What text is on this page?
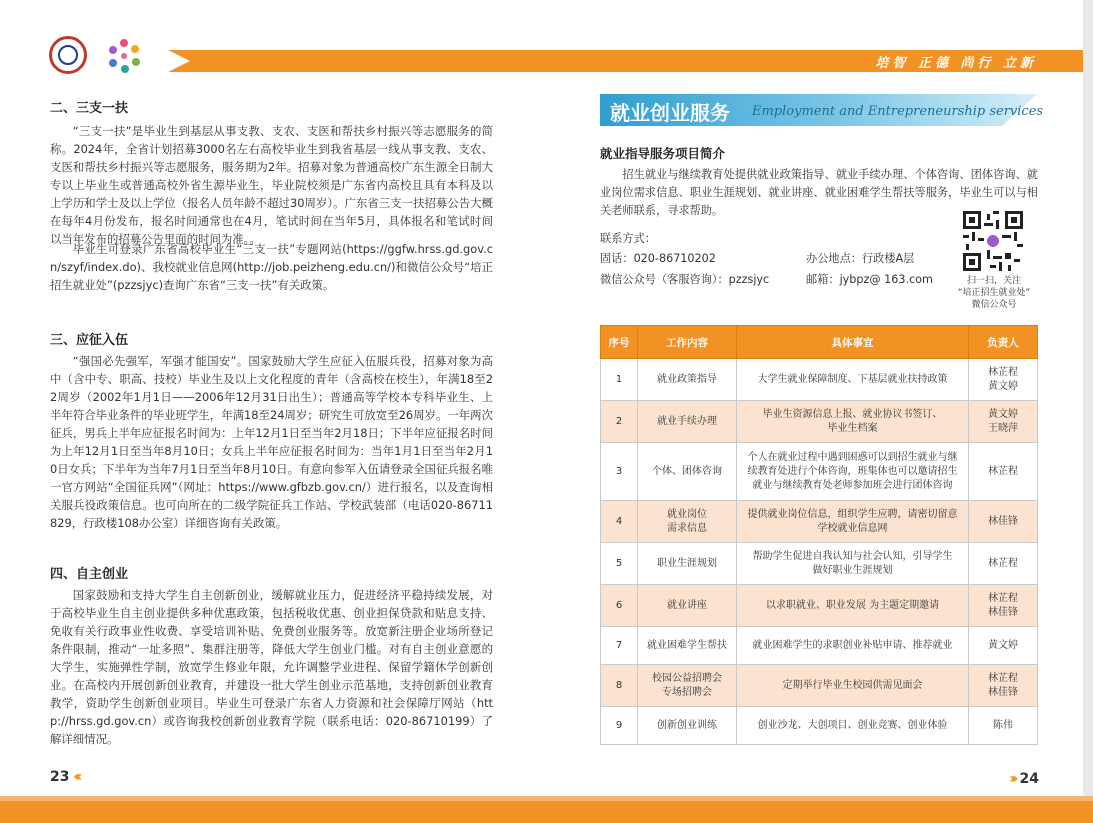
培智 正德 尚行 立新
二、三支一扶
“三支一扶”是毕业生到基层从事支教、支农、支医和帮扶乡村振兴等志愿服务的简称。2024年，全省计划招募3000名左右高校毕业生到我省基层一线从事支教、支农、支医和帮扶乡村振兴等志愿服务，服务期为2年。招募对象为普通高校广东生源全日制大专以上毕业生或普通高校外省生源毕业生，毕业院校须是广东省内高校且具有本科及以上学历和学士及以上学位（报名人员年龄不超过30周岁）。广东省三支一扶招募公告大概在每年4月份发布，报名时间通常也在4月，笔试时间在当年5月，具体报名和笔试时间以当年发布的招募公告里面的时间为准。。
毕业生可登录广东省高校毕业生“三支一扶”专题网站(https://ggfw.hrss.gd.gov.cn/szyf/index.do)、我校就业信息网(http://job.peizheng.edu.cn/)和微信公众号“培正招生就业处”(pzzsjyc)查询广东省“三支一扶”有关政策。
三、应征入伍
“强国必先强军，军强才能国安”。国家鼓励大学生应征入伍服兵役，招募对象为高中（含中专、职高、技校）毕业生及以上文化程度的青年（含高校在校生），年满18至22周岁（2002年1月1日——2006年12月31日出生）；普通高等学校本专科毕业生、上半年符合毕业条件的毕业班学生，年满18至24周岁；研究生可放宽至26周岁。一年两次征兵，男兵上半年应征报名时间为：上年12月1日至当年2月18日；下半年应征报名时间为上年12月1日至当年8月10日；女兵上半年应征报名时间为：当年1月1日至当年2月10日女兵；下半年为当年7月1日至当年8月10日。有意向参军入伍请登录全国征兵报名唯一官方网站“全国征兵网”（网址：https://www.gfbzb.gov.cn/）进行报名，以及查询相关服兵役政策信息。也可向所在的二级学院征兵工作站、学校武装部（电话020-86711829，行政楼108办公室）详细咨询有关政策。
四、自主创业
国家鼓励和支持大学生自主创新创业，缓解就业压力，促进经济平稳持续发展，对于高校毕业生自主创业提供多种优惠政策，包括税收优惠、创业担保贷款和贴息支持、免收有关行政事业性收费、享受培训补贴、免费创业服务等。放宽新注册企业场所登记条件限制，推动“一址多照”、集群注册等，降低大学生创业门槛。对有自主创业意愿的大学生，实施弹性学制，放宽学生修业年限，允许调整学业进程、保留学籍休学创新创业。在高校内开展创新创业教育，并建设一批大学生创业示范基地，支持创新创业教育教学，资助学生创新创业项目。毕业生可登录广东省人力资源和社会保障厅网站（http://hrss.gd.gov.cn）或咨询我校创新创业教育学院（联系电话：020-86710199）了解详细情况。
23 ‹‹‹
就业创业服务 Employment and Entrepreneurship services
就业指导服务项目简介
招生就业与继续教育处提供就业政策指导、就业手续办理、个体咨询、团体咨询、就业岗位需求信息、职业生涯规划、就业讲座、就业困难学生帮扶等服务，毕业生可以与相关老师联系，寻求帮助。
联系方式：
固话：020-86710202	办公地点：行政楼A层
微信公众号（客服咨询）：pzzsjyc	邮箱：jybpz@ 163.com	扫一扫，关注
“培正招生就业处”
微信公众号
序号	工作内容	具体事宜	负责人
1	就业政策指导	大学生就业保障制度、下基层就业扶持政策	林芷程
黄文婷
2	就业手续办理	毕业生资源信息上报、就业协议书签订、
毕业生档案	黄文婷
王晓萍
3	个体、团体咨询	个人在就业过程中遇到困惑可以到招生就业与继
续教育处进行个体咨询，班集体也可以邀请招生
就业与继续教育处老师参加班会进行团体咨询	林芷程
4	就业岗位
需求信息	提供就业岗位信息，组织学生应聘，请密切留意
学校就业信息网	林佳锋
5	职业生涯规划	帮助学生促进自我认知与社会认知，引导学生
做好职业生涯规划	林芷程
6	就业讲座	以求职就业、职业发展 为主题定期邀请	林芷程
林佳锋
7	就业困难学生帮扶	就业困难学生的求职创业补贴申请、推荐就业	黄文婷
8	校园公益招聘会
专场招聘会	定期举行毕业生校园供需见面会	林芷程
林佳锋
9	创新创业训练	创业沙龙、大创项目、创业竞赛、创业体验	陈伟
››› 24
